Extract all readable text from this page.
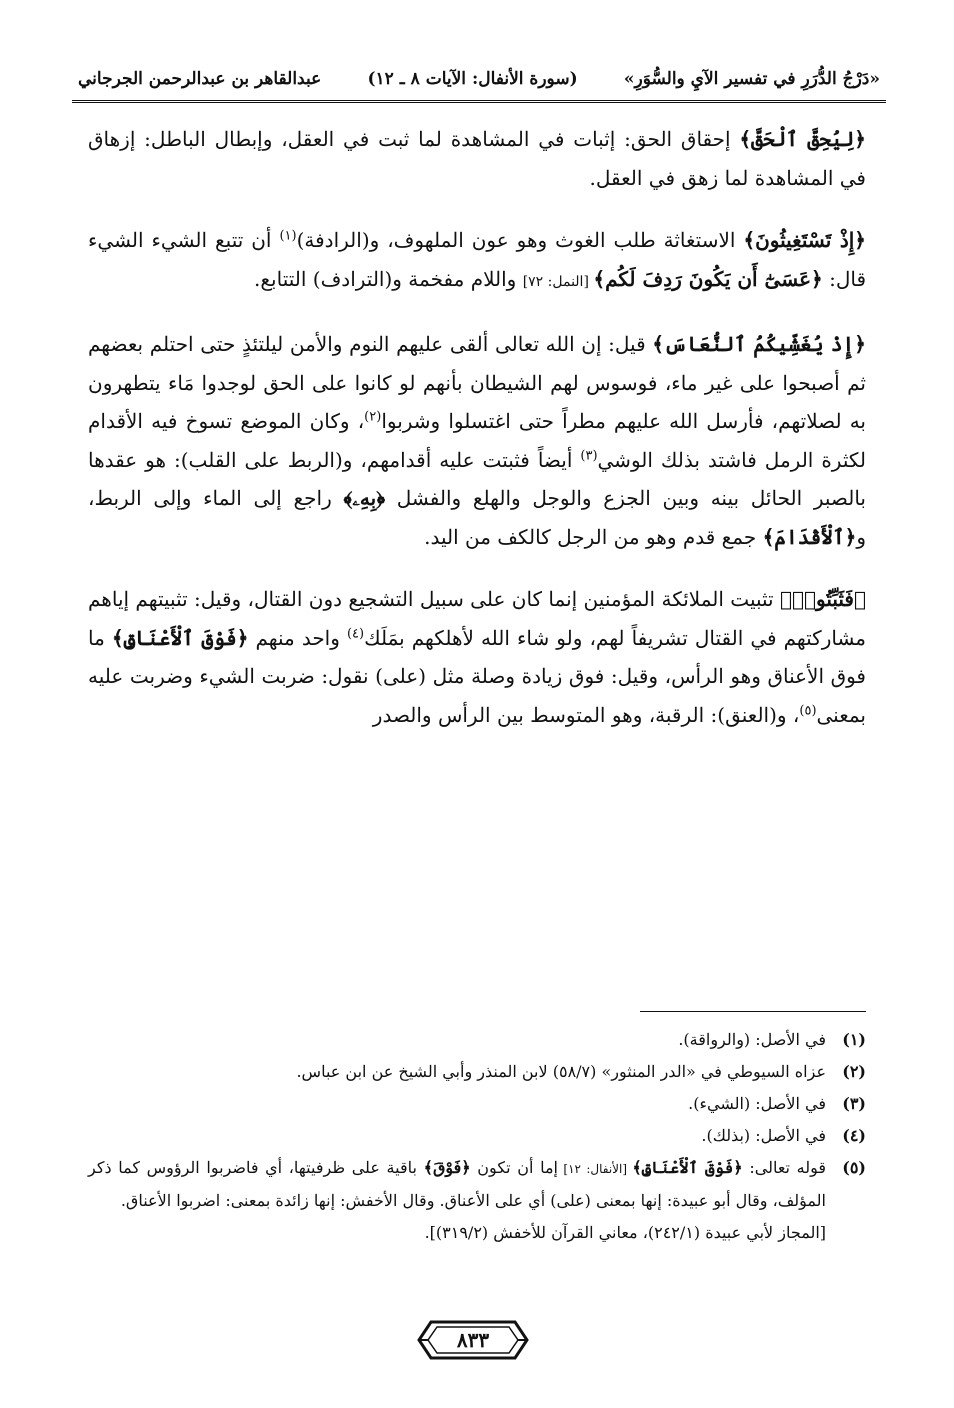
«دَرْجُ الدُّرَرِ في تفسير الآيِ والسُّوَرِ»
(سورة الأنفال: الآيات ٨ ـ ١٢)
عبدالقاهر بن عبدالرحمن الجرجاني

﴿لِيُحِقَّ ٱلْحَقَّ﴾ إحقاق الحق: إثبات في المشاهدة لما ثبت في العقل، وإبطال الباطل: إزهاق في المشاهدة لما زهق في العقل.

﴿إِذْ تَسْتَغِيثُونَ﴾ الاستغاثة طلب الغوث وهو عون الملهوف، و(الرادفة)$^{(١)}$ أن تتبع الشيء الشيء قال: ﴿عَسَىٰٓ أَن يَكُونَ رَدِفَ لَكُم﴾ [النمل: ٧٢] واللام مفخمة و(الترادف) التتابع.

﴿إِذْ يُغَشِّيكُمُ ٱلنُّعَاسَ﴾ قيل: إن الله تعالى ألقى عليهم النوم والأمن ليلتئذٍ حتى احتلم بعضهم ثم أصبحوا على غير ماء، فوسوس لهم الشيطان بأنهم لو كانوا على الحق لوجدوا مَاء يتطهرون به لصلاتهم، فأرسل الله عليهم مطراً حتى اغتسلوا وشربوا$^{(٢)}$، وكان الموضع تسوخ فيه الأقدام لكثرة الرمل فاشتد بذلك الوشي$^{(٣)}$ أيضاً فثبتت عليه أقدامهم، و(الربط على القلب): هو عقدها بالصبر الحائل بينه وبين الجزع والوجل والهلع والفشل ﴿بِهِۦ﴾ راجع إلى الماء وإلى الربط، و﴿ٱلْأَقْدَامَ﴾ جمع قدم وهو من الرجل كالكف من اليد.

﴿فَثَبِّتُوا۟﴾ تثبيت الملائكة المؤمنين إنما كان على سبيل التشجيع دون القتال، وقيل: تثبيتهم إياهم مشاركتهم في القتال تشريفاً لهم، ولو شاء الله لأهلكهم بمَلَك$^{(٤)}$ واحد منهم ﴿فَوْقَ ٱلْأَعْنَاقِ﴾ ما فوق الأعناق وهو الرأس، وقيل: فوق زيادة وصلة مثل (على) نقول: ضربت الشيء وضربت عليه بمعنى$^{(٥)}$، و(العنق): الرقبة، وهو المتوسط بين الرأس والصدر

(١)
في الأصل: (والرواقة).
(٢)
عزاه السيوطي في «الدر المنثور» (٥٨/٧) لابن المنذر وأبي الشيخ عن ابن عباس.
(٣)
في الأصل: (الشيء).
(٤)
في الأصل: (بذلك).
(٥)
قوله تعالى: ﴿فَوْقَ ٱلْأَعْنَاقِ﴾ [الأنفال: ١٢] إما أن تكون ﴿فَوْقَ﴾ باقية على ظرفيتها، أي فاضربوا الرؤوس كما ذكر المؤلف، وقال أبو عبيدة: إنها بمعنى (على) أي على الأعناق. وقال الأخفش: إنها زائدة بمعنى: اضربوا الأعناق.
[المجاز لأبي عبيدة (٢٤٢/١)، معاني القرآن للأخفش (٣١٩/٢)].
٨٣٣
